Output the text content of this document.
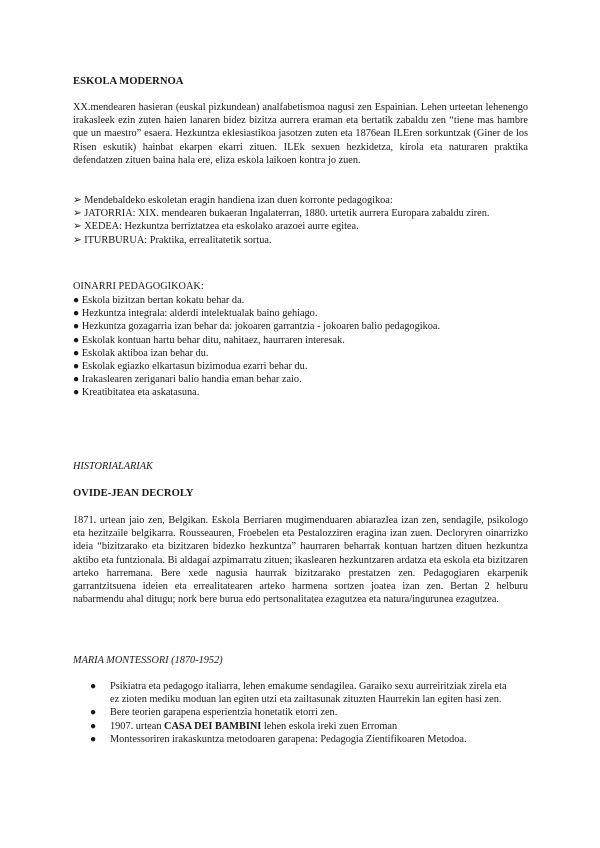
ESKOLA MODERNOA
XX.mendearen hasieran (euskal pizkundean) analfabetismoa nagusi zen Espainian. Lehen urteetan lehenengo irakasleek ezin zuten haien lanaren bidez bizitza aurrera eraman eta bertatik zabaldu zen “tiene mas hambre que un maestro” esaera. Hezkuntza eklesiastikoa jasotzen zuten eta 1876ean ILEren sorkuntzak (Giner de los Risen eskutik) hainbat ekarpen ekarri zituen. ILEk sexuen hezkidetza, kirola eta naturaren praktika defendatzen zituen baina hala ere, eliza eskola laikoen kontra jo zuen.
➢ Mendebaldeko eskoletan eragin handiena izan duen korronte pedagogikoa:
➢ JATORRIA: XIX. mendearen bukaeran Ingalaterran, 1880. urtetik aurrera Europara zabaldu ziren.
➢ XEDEA: Hezkuntza berriztatzea eta eskolako arazoei aurre egitea.
➢ ITURBURUA: Praktika, errealitatetik sortua.
OINARRI PEDAGOGIKOAK:
● Eskola bizitzan bertan kokatu behar da.
● Hezkuntza integrala: alderdi intelektualak baino gehiago.
● Hezkuntza gozagarria izan behar da: jokoaren garrantzia - jokoaren balio pedagogikoa.
● Eskolak kontuan hartu behar ditu, nahitaez, haurraren interesak.
● Eskolak aktiboa izan behar du.
● Eskolak egiazko elkartasun bizimodua ezarri behar du.
● Irakaslearen zeriganari balio handia eman behar zaio.
● Kreatibitatea eta askatasuna.
HISTORIALARIAK
OVIDE-JEAN DECROLY
1871. urtean jaio zen, Belgikan. Eskola Berriaren mugimenduaren abiarazlea izan zen, sendagile, psikologo eta hezitzaile belgikarra. Rousseauren, Froebelen eta Pestalozziren eragina izan zuen. Decloryren oinarrizko ideia “bizitzarako eta bizitzaren bidezko hezkuntza” haurraren beharrak kontuan hartzen dituen hezkuntza aktibo eta funtzionala. Bi aldagai azpimarratu zituen; ikaslearen hezkuntzaren ardatza eta eskola eta bizitzaren arteko harremana. Bere xede nagusia haurrak bizitzarako prestatzen zen. Pedagogiaren ekarpenik garrantzitsuena ideien eta errealitatearen arteko harmena sortzen joatea izan zen. Bertan 2 helburu nabarmendu ahal ditugu; nork bere burua edo pertsonalitatea ezagutzea eta natura/ingurunea ezagutzea.
MARIA MONTESSORI (1870-1952)
● Psikiatra eta pedagogo italiarra, lehen emakume sendagilea. Garaiko sexu aurreiritziak zirela eta ez zioten mediku moduan lan egiten utzi eta zailtasunak zituzten Haurrekin lan egiten hasi zen.
● Bere teorien garapena esperientzia honetatik etorri zen.
● 1907. urtean CASA DEI BAMBINI lehen eskola ireki zuen Erroman
● Montessoriren irakaskuntza metodoaren garapena: Pedagogia Zientifikoaren Metodoa.
